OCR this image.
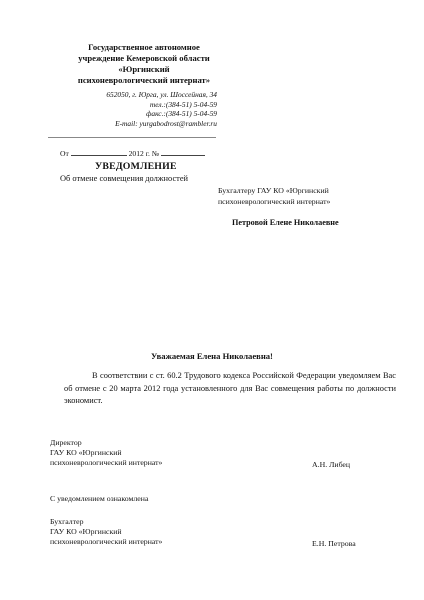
Государственное автономное
учреждение Кемеровской области
«Юргинский
психоневрологический интернат»
652050, г. Юрга, ул. Шоссейная, 34
тел.:(384-51) 5-04-59
факс.:(384-51) 5-04-59
E-mail: yurgabodrost@rambler.ru
От	2012 г. №
УВЕДОМЛЕНИЕ
Об отмене совмещения должностей
Бухгалтеру ГАУ КО «Юргинский
психоневрологический интернат»
Петровой Елене Николаевне
Уважаемая Елена Николаевна!

В соответствии с ст. 60.2 Трудового кодекса Российской Федерации уведомляем Вас об отмене с 20 марта 2012 года установленного для Вас совмещения работы по должности экономист.

Директор
ГАУ КО «Юргинский
психоневрологический интернат»	А.Н. Либец
С уведомлением ознакомлена
Бухгалтер
ГАУ КО «Юргинский
психоневрологический интернат»	Е.Н. Петрова
